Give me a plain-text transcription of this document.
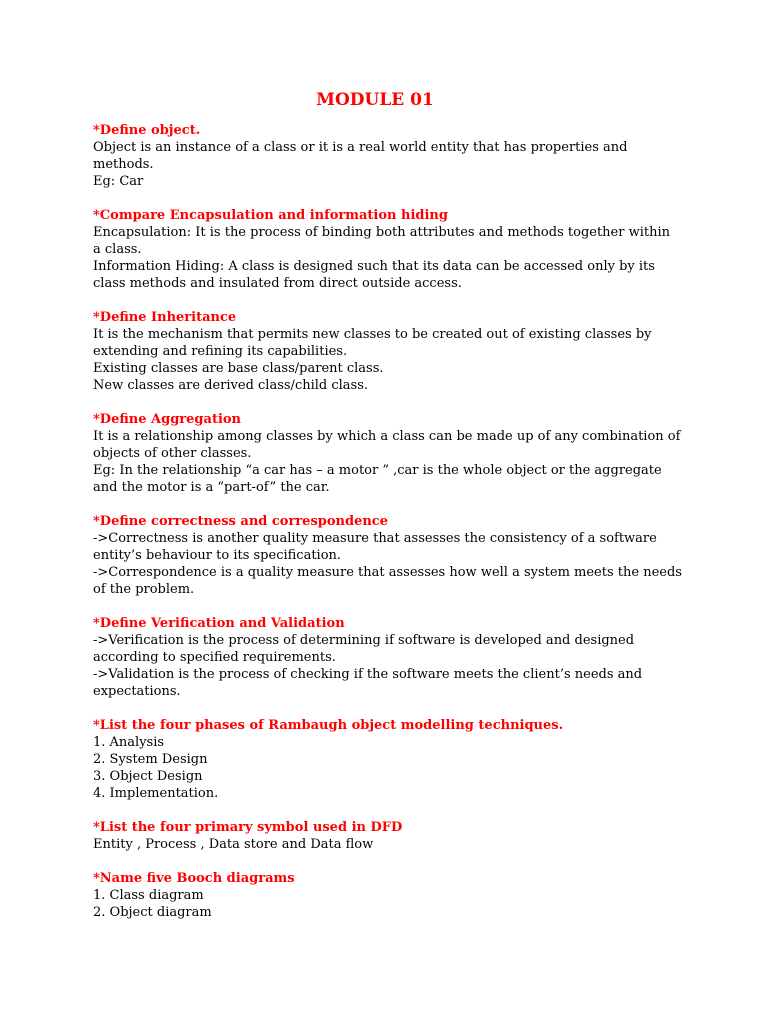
MODULE 01
*Define object.
Object is an instance of a class or it is a real world entity that has properties and
methods.
Eg: Car
*Compare Encapsulation and information hiding
Encapsulation: It is the process of binding both attributes and methods together within
a class.
Information Hiding: A class is designed such that its data can be accessed only by its
class methods and insulated from direct outside access.
*Define Inheritance
It is the mechanism that permits new classes to be created out of existing classes by
extending and refining its capabilities.
Existing classes are base class/parent class.
New classes are derived class/child class.
*Define Aggregation
It is a relationship among classes by which a class can be made up of any combination of
objects of other classes.
Eg: In the relationship “a car has – a motor ” ,car is the whole object or the aggregate
and the motor is a “part-of” the car.
*Define correctness and correspondence
->Correctness is another quality measure that assesses the consistency of a software
entity’s behaviour to its specification.
->Correspondence is a quality measure that assesses how well a system meets the needs
of the problem.
*Define Verification and Validation
->Verification is the process of determining if software is developed and designed
according to specified requirements.
->Validation is the process of checking if the software meets the client’s needs and
expectations.
*List the four phases of Rambaugh object modelling techniques.
1. Analysis
2. System Design
3. Object Design
4. Implementation.
*List the four primary symbol used in DFD
Entity , Process , Data store and Data flow
*Name five Booch diagrams
1. Class diagram
2. Object diagram
